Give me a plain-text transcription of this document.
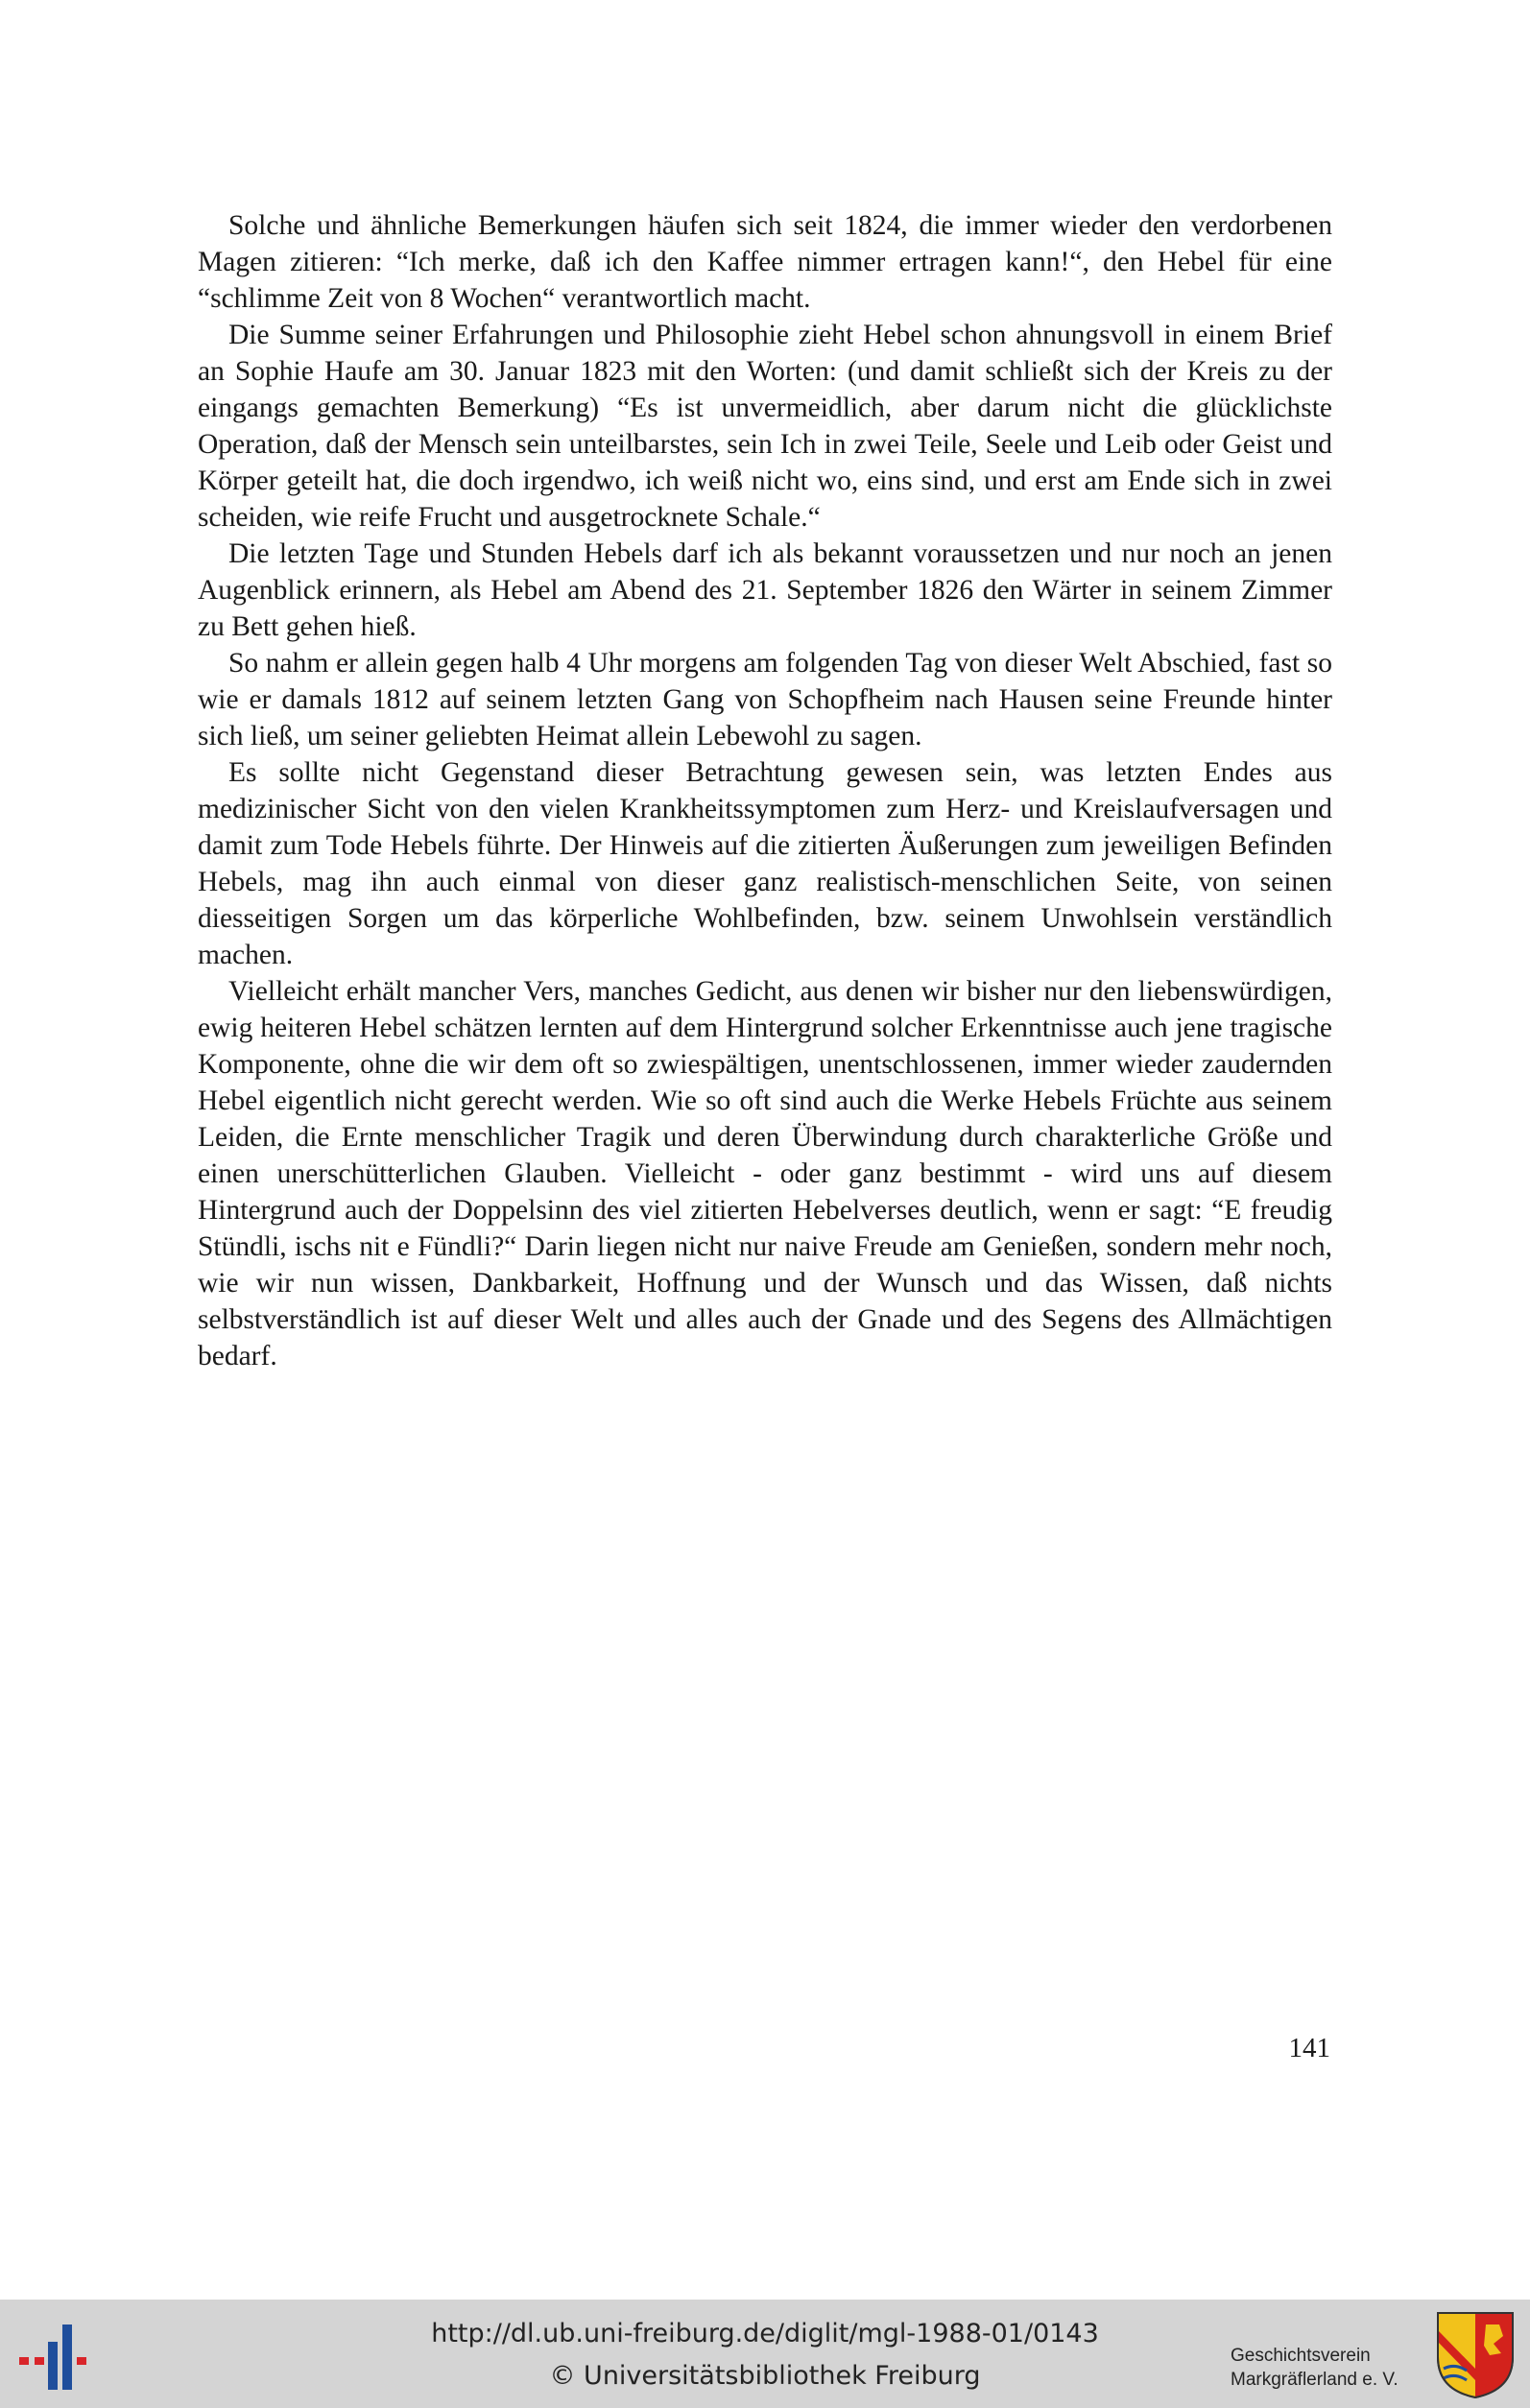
Solche und ähnliche Bemerkungen häufen sich seit 1824, die immer wieder den verdorbenen Magen zitieren: “Ich merke, daß ich den Kaffee nimmer ertragen kann!“, den Hebel für eine “schlimme Zeit von 8 Wochen“ verantwortlich macht.

Die Summe seiner Erfahrungen und Philosophie zieht Hebel schon ahnungsvoll in einem Brief an Sophie Haufe am 30. Januar 1823 mit den Worten: (und damit schließt sich der Kreis zu der eingangs gemachten Bemerkung) “Es ist unvermeidlich, aber darum nicht die glücklichste Operation, daß der Mensch sein unteilbarstes, sein Ich in zwei Teile, Seele und Leib oder Geist und Körper geteilt hat, die doch irgendwo, ich weiß nicht wo, eins sind, und erst am Ende sich in zwei scheiden, wie reife Frucht und ausgetrocknete Schale.“

Die letzten Tage und Stunden Hebels darf ich als bekannt voraussetzen und nur noch an jenen Augenblick erinnern, als Hebel am Abend des 21. September 1826 den Wärter in seinem Zimmer zu Bett gehen hieß.

So nahm er allein gegen halb 4 Uhr morgens am folgenden Tag von dieser Welt Abschied, fast so wie er damals 1812 auf seinem letzten Gang von Schopfheim nach Hausen seine Freunde hinter sich ließ, um seiner geliebten Heimat allein Lebewohl zu sagen.

Es sollte nicht Gegenstand dieser Betrachtung gewesen sein, was letzten Endes aus medizinischer Sicht von den vielen Krankheitssymptomen zum Herz- und Kreislaufversagen und damit zum Tode Hebels führte. Der Hinweis auf die zitierten Äußerungen zum jeweiligen Befinden Hebels, mag ihn auch einmal von dieser ganz realistisch-menschlichen Seite, von seinen diesseitigen Sorgen um das körperliche Wohlbefinden, bzw. seinem Unwohlsein verständlich machen.

Vielleicht erhält mancher Vers, manches Gedicht, aus denen wir bisher nur den liebenswürdigen, ewig heiteren Hebel schätzen lernten auf dem Hintergrund solcher Erkenntnisse auch jene tragische Komponente, ohne die wir dem oft so zwiespältigen, unentschlossenen, immer wieder zaudernden Hebel eigentlich nicht gerecht werden. Wie so oft sind auch die Werke Hebels Früchte aus seinem Leiden, die Ernte menschlicher Tragik und deren Überwindung durch charakterliche Größe und einen unerschütterlichen Glauben. Vielleicht - oder ganz bestimmt - wird uns auf diesem Hintergrund auch der Doppelsinn des viel zitierten Hebelverses deutlich, wenn er sagt: “E freudig Stündli, ischs nit e Fündli?“ Darin liegen nicht nur naive Freude am Genießen, sondern mehr noch, wie wir nun wissen, Dankbarkeit, Hoffnung und der Wunsch und das Wissen, daß nichts selbstverständlich ist auf dieser Welt und alles auch der Gnade und des Segens des Allmächtigen bedarf.

141
http://dl.ub.uni-freiburg.de/diglit/mgl-1988-01/0143
© Universitätsbibliothek Freiburg
Geschichtsverein
Markgräflerland e. V.
